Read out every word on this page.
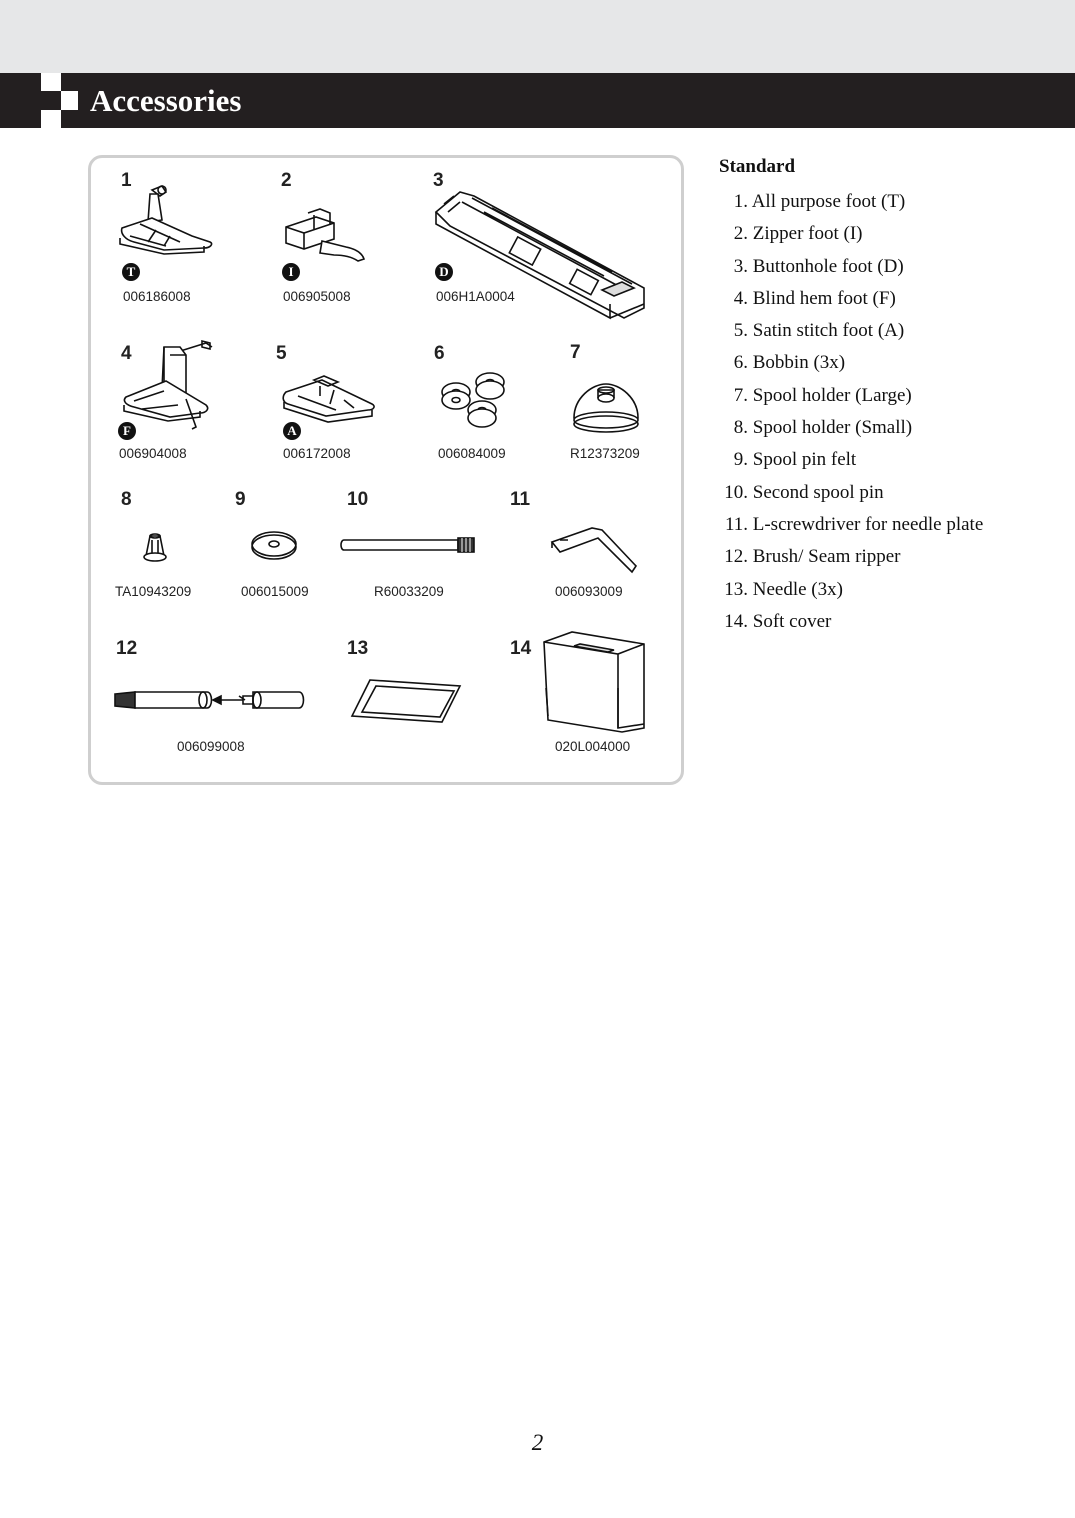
Accessories
1
T
006186008
2
I
006905008
3
D
006H1A0004
4
F
006904008
5
A
006172008
6
006084009
7
R12373209
8
TA10943209
9
006015009
10
R60033209
11
006093009
12
006099008
13	14
020L004000
Standard
1. All purpose foot (T)
2. Zipper foot (I)
3. Buttonhole foot (D)
4. Blind hem foot (F)
5. Satin stitch foot (A)
6. Bobbin (3x)
7. Spool holder (Large)
8. Spool holder (Small)
9. Spool pin felt
10. Second spool pin
11. L-screwdriver for needle plate
12. Brush/ Seam ripper
13. Needle (3x)
14. Soft cover
2
